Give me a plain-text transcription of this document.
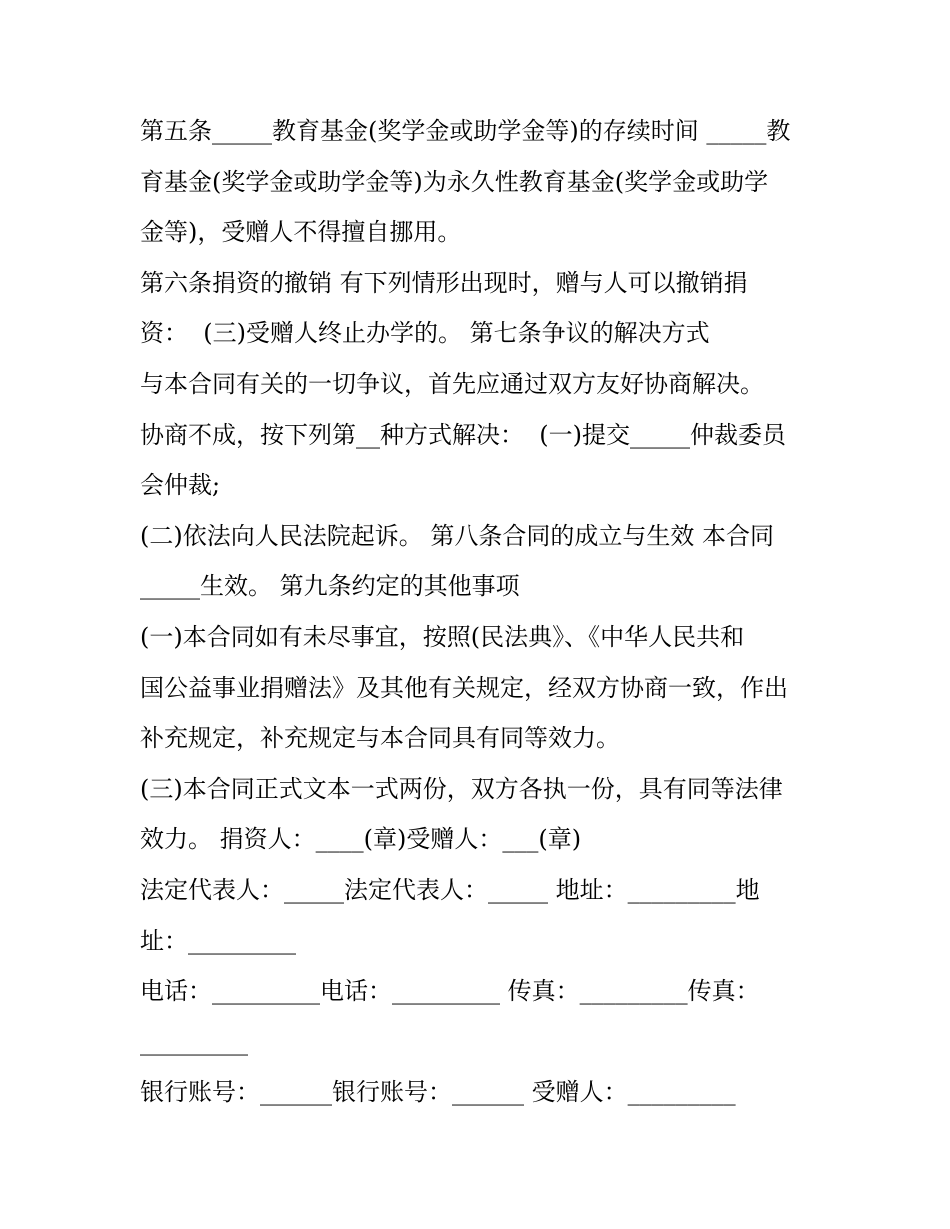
第五条_____教育基金(奖学金或助学金等)的存续时间 _____教

育基金(奖学金或助学金等)为永久性教育基金(奖学金或助学

金等)，受赠人不得擅自挪用。

第六条捐资的撤销 有下列情形出现时，赠与人可以撤销捐

资：  (三)受赠人终止办学的。 第七条争议的解决方式

与本合同有关的一切争议，首先应通过双方友好协商解决。

协商不成，按下列第__种方式解决：  (一)提交_____仲裁委员

会仲裁;

(二)依法向人民法院起诉。 第八条合同的成立与生效 本合同

_____生效。 第九条约定的其他事项

(一)本合同如有未尽事宜，按照(民法典》、《中华人民共和

国公益事业捐赠法》及其他有关规定，经双方协商一致，作出

补充规定，补充规定与本合同具有同等效力。

(三)本合同正式文本一式两份，双方各执一份，具有同等法律

效力。 捐资人：____(章)受赠人：___(章)

法定代表人：_____法定代表人：_____ 地址：_________地

址：_________

电话：_________电话：_________ 传真：_________传真：

_________

银行账号：______银行账号：______ 受赠人：_________
